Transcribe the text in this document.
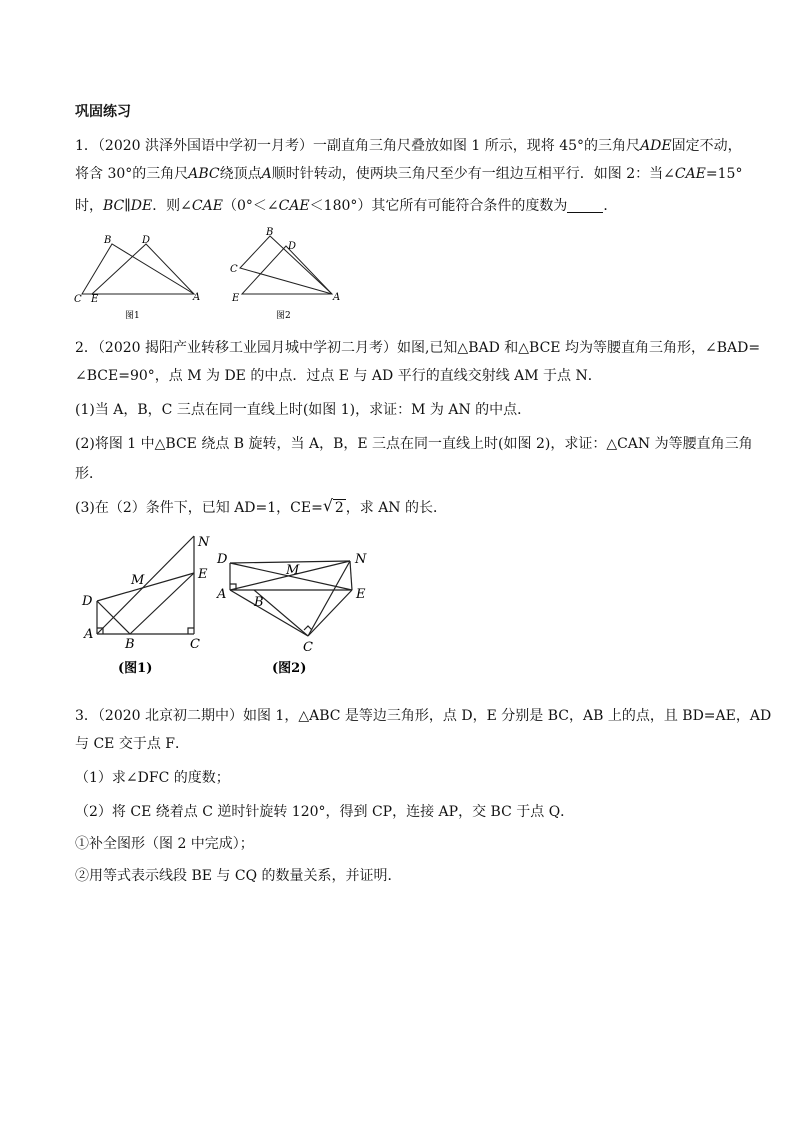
巩固练习
1．（2020 洪泽外国语中学初一月考）一副直角三角尺叠放如图 1 所示，现将 45°的三角尺ADE固定不动，
将含 30°的三角尺ABC绕顶点A顺时针转动，使两块三角尺至少有一组边互相平行．如图 2：当∠CAE=15°
时，BC∥DE．则∠CAE（0°＜∠CAE＜180°）其它所有可能符合条件的度数为	．
B	D
C E	A
图1
B
D
C
E	A
图2
2．（2020 揭阳产业转移工业园月城中学初二月考）如图,已知△BAD 和△BCE 均为等腰直角三角形，∠BAD=
∠BCE=90°，点 M 为 DE 的中点．过点 E 与 AD 平行的直线交射线 AM 于点 N．
(1)当 A，B，C 三点在同一直线上时(如图 1)，求证：M 为 AN 的中点．
(2)将图 1 中△BCE 绕点 B 旋转，当 A，B，E 三点在同一直线上时(如图 2)，求证：△CAN 为等腰直角三角
形．
(3)在（2）条件下，已知 AD=1，CE= √ 2 ，求 AN 的长．
N
M	E
D
A
B	C
(图1)
D
M
N
A
B
E
C
(图2)
3．（2020 北京初二期中）如图 1，△ABC 是等边三角形，点 D，E 分别是 BC，AB 上的点，且 BD=AE，AD
与 CE 交于点 F．
（1）求∠DFC 的度数；
（2）将 CE 绕着点 C 逆时针旋转 120°，得到 CP，连接 AP，交 BC 于点 Q．
①补全图形（图 2 中完成）；
②用等式表示线段 BE 与 CQ 的数量关系，并证明．
